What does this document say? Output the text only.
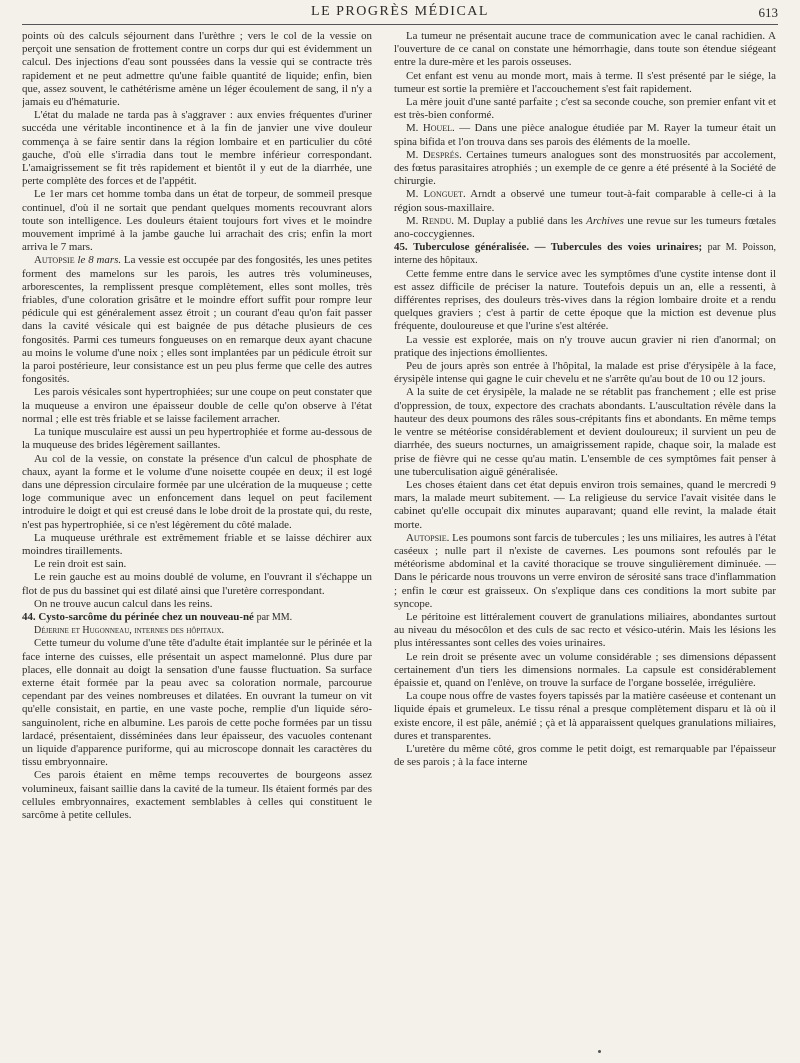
LE PROGRÈS MÉDICAL	613

points où des calculs séjournent dans l'urèthre ; vers le col de la vessie on perçoit une sensation de frottement contre un corps dur qui est évidemment un calcul. Des injections d'eau sont poussées dans la vessie qui se contracte très rapidement et ne peut admettre qu'une faible quantité de liquide; enfin, bien que, assez souvent, le cathétérisme amène un léger écoulement de sang, il n'y a jamais eu d'hématurie.

L'état du malade ne tarda pas à s'aggraver : aux envies fréquentes d'uriner succéda une véritable incontinence et à la fin de janvier une vive douleur commença à se faire sentir dans la région lombaire et en particulier du côté gauche, d'où elle s'irradia dans tout le membre inférieur correspondant. L'amaigrissement se fit très rapidement et bientôt il y eut de la diarrhée, une perte complète des forces et de l'appétit.

Le 1er mars cet homme tomba dans un état de torpeur, de sommeil presque continuel, d'où il ne sortait que pendant quelques moments recouvrant alors toute son intelligence. Les douleurs étaient toujours fort vives et le moindre mouvement imprimé à la jambe gauche lui arrachait des cris; enfin la mort arriva le 7 mars.

Autopsie le 8 mars. La vessie est occupée par des fongosités, les unes petites forment des mamelons sur les parois, les autres très volumineuses, arborescentes, la remplissent presque complètement, elles sont molles, très friables, d'une coloration grisâtre et le moindre effort suffit pour rompre leur pédicule qui est généralement assez étroit ; un courant d'eau qu'on fait passer dans la cavité vésicale qui est baignée de pus détache plusieurs de ces fongosités. Parmi ces tumeurs fongueuses on en remarque deux ayant chacune au moins le volume d'une noix ; elles sont implantées par un pédicule étroit sur la paroi postérieure, leur consistance est un peu plus ferme que celle des autres fongosités.

Les parois vésicales sont hypertrophiées; sur une coupe on peut constater que la muqueuse a environ une épaisseur double de celle qu'on observe à l'état normal ; elle est très friable et se laisse facilement arracher.

La tunique musculaire est aussi un peu hypertrophiée et forme au-dessous de la muqueuse des brides légèrement saillantes.

Au col de la vessie, on constate la présence d'un calcul de phosphate de chaux, ayant la forme et le volume d'une noisette coupée en deux; il est logé dans une dépression circulaire formée par une ulcération de la muqueuse ; cette loge communique avec un enfoncement dans lequel on peut facilement introduire le doigt et qui est creusé dans le lobe droit de la prostate qui, du reste, n'est pas hypertrophiée, si ce n'est légèrement du côté malade.

La muqueuse uréthrale est extrêmement friable et se laisse déchirer aux moindres tiraillements.

Le rein droit est sain.

Le rein gauche est au moins doublé de volume, en l'ouvrant il s'échappe un flot de pus du bassinet qui est dilaté ainsi que l'uretère correspondant.

On ne trouve aucun calcul dans les reins.

44. Cysto-sarcôme du périnée chez un nouveau-né par MM.

Déjerine et Hugonneau, internes des hôpitaux.

Cette tumeur du volume d'une tête d'adulte était implantée sur le périnée et la face interne des cuisses, elle présentait un aspect mamelonné. Plus dure par places, elle donnait au doigt la sensation d'une fausse fluctuation. Sa surface externe était formée par la peau avec sa coloration normale, parcourue cependant par des veines nombreuses et dilatées. En ouvrant la tumeur on vit qu'elle consistait, en partie, en une vaste poche, remplie d'un liquide séro-sanguinolent, riche en albumine. Les parois de cette poche formées par un tissu lardacé, présentaient, disséminées dans leur épaisseur, des vacuoles contenant un liquide d'apparence puriforme, qui au microscope donnait les caractères du tissu embryonnaire.

Ces parois étaient en même temps recouvertes de bourgeons assez volumineux, faisant saillie dans la cavité de la tumeur. Ils étaient formés par des cellules embryonnaires, exactement semblables à celles qui constituent le sarcôme à petite cellules.

La tumeur ne présentait aucune trace de communication avec le canal rachidien. A l'ouverture de ce canal on constate une hémorrhagie, dans toute son étendue siégeant entre la dure-mère et les parois osseuses.

Cet enfant est venu au monde mort, mais à terme. Il s'est présenté par le siége, la tumeur est sortie la première et l'accouchement s'est fait rapidement.

La mère jouit d'une santé parfaite ; c'est sa seconde couche, son premier enfant vit et est très-bien conformé.

M. Houel. — Dans une pièce analogue étudiée par M. Rayer la tumeur était un spina bifida et l'on trouva dans ses parois des éléments de la moelle.

M. Després. Certaines tumeurs analogues sont des monstruosités par accolement, des fœtus parasitaires atrophiés ; un exemple de ce genre a été présenté à la Société de chirurgie.

M. Longuet. Arndt a observé une tumeur tout-à-fait comparable à celle-ci à la région sous-maxillaire.

M. Rendu. M. Duplay a publié dans les Archives une revue sur les tumeurs fœtales ano-coccygiennes.

45. Tuberculose généralisée. — Tubercules des voies urinaires; par M. Poisson, interne des hôpitaux.

Cette femme entre dans le service avec les symptômes d'une cystite intense dont il est assez difficile de préciser la nature. Toutefois depuis un an, elle a ressenti, à différentes reprises, des douleurs très-vives dans la région lombaire droite et a rendu quelques graviers ; c'est à partir de cette époque que la miction est devenue plus fréquente, douloureuse et que l'urine s'est altérée.

La vessie est explorée, mais on n'y trouve aucun gravier ni rien d'anormal; on pratique des injections émollientes.

Peu de jours après son entrée à l'hôpital, la malade est prise d'érysipèle à la face, érysipèle intense qui gagne le cuir chevelu et ne s'arrête qu'au bout de 10 ou 12 jours.

A la suite de cet érysipèle, la malade ne se rétablit pas franchement ; elle est prise d'oppression, de toux, expectore des crachats abondants. L'auscultation révèle dans la hauteur des deux poumons des râles sous-crépitants fins et abondants. En même temps le ventre se météorise considérablement et devient douloureux; il survient un peu de diarrhée, des sueurs nocturnes, un amaigrissement rapide, chaque soir, la malade est prise de fièvre qui ne cesse qu'au matin. L'ensemble de ces symptômes fait penser à une tuberculisation aiguë généralisée.

Les choses étaient dans cet état depuis environ trois semaines, quand le mercredi 9 mars, la malade meurt subitement. — La religieuse du service l'avait visitée dans le cabinet qu'elle occupait dix minutes auparavant; quand elle revint, la malade était morte.

Autopsie. Les poumons sont farcis de tubercules ; les uns miliaires, les autres à l'état caséeux ; nulle part il n'existe de cavernes. Les poumons sont refoulés par le météorisme abdominal et la cavité thoracique se trouve singulièrement diminuée. — Dans le péricarde nous trouvons un verre environ de sérosité sans trace d'inflammation ; enfin le cœur est graisseux. On s'explique dans ces conditions la mort subite par syncope.

Le péritoine est littéralement couvert de granulations miliaires, abondantes surtout au niveau du mésocôlon et des culs de sac recto et vésico-utérin. Mais les lésions les plus intéressantes sont celles des voies urinaires.

Le rein droit se présente avec un volume considérable ; ses dimensions dépassent certainement d'un tiers les dimensions normales. La capsule est considérablement épaissie et, quand on l'enlève, on trouve la surface de l'organe bosselée, irrégulière.

La coupe nous offre de vastes foyers tapissés par la matière caséeuse et contenant un liquide épais et grumeleux. Le tissu rénal a presque complètement disparu et là où il existe encore, il est pâle, anémié ; çà et là apparaissent quelques granulations miliaires, dures et transparentes.

L'uretère du même côté, gros comme le petit doigt, est remarquable par l'épaisseur de ses parois ; à la face interne
